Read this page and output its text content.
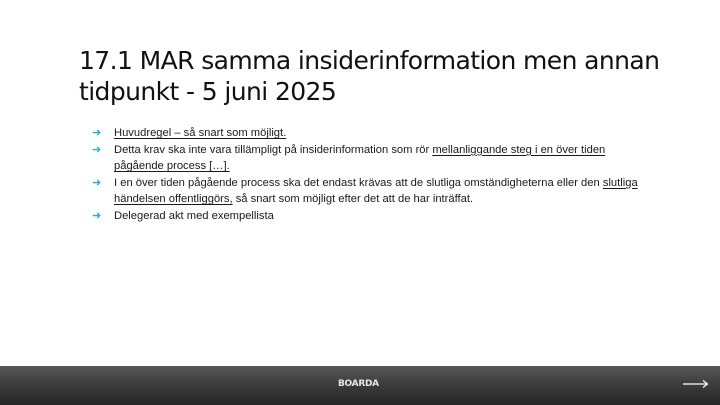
17.1 MAR samma insiderinformation men annan tidpunkt - 5 juni 2025
➜ Huvudregel – så snart som möjligt.
➜ Detta krav ska inte vara tillämpligt på insiderinformation som rör mellanliggande steg i en över tiden pågående process […].
➜ I en över tiden pågående process ska det endast krävas att de slutliga omständigheterna eller den slutliga händelsen offentliggörs, så snart som möjligt efter det att de har inträffat.
➜ Delegerad akt med exempellista
BOARDA
